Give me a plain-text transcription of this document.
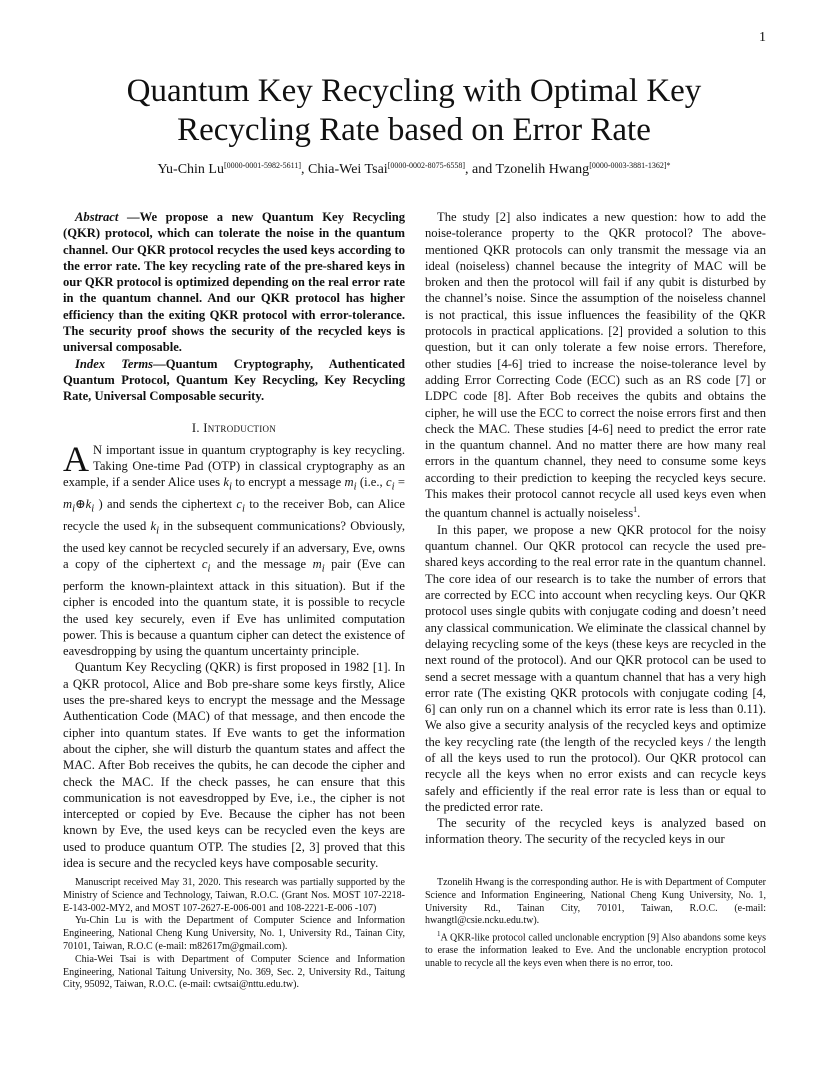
1
Quantum Key Recycling with Optimal Key
Recycling Rate based on Error Rate
Yu-Chin Lu[0000-0001-5982-5611], Chia-Wei Tsai[0000-0002-8075-6558], and Tzonelih Hwang$^{[0000-0003-3881-1362]*}$

Abstract —We propose a new Quantum Key Recycling (QKR) protocol, which can tolerate the noise in the quantum channel. Our QKR protocol recycles the used keys according to the error rate. The key recycling rate of the pre-shared keys in our QKR protocol is optimized depending on the real error rate in the quantum channel. And our QKR protocol has higher efficiency than the exiting QKR protocol with error-tolerance. The security proof shows the security of the recycled keys is universal composable.

Index Terms—Quantum Cryptography, Authenticated Quantum Protocol, Quantum Key Recycling, Key Recycling Rate, Universal Composable security.

I. Introduction

A N important issue in quantum cryptography is key recycling. Taking One-time Pad (OTP) in classical cryptography as an example, if a sender Alice uses $k_i$ to encrypt a message $m_i$ (i.e., $c_i$ = $m_i\oplus k_i$ ) and sends the ciphertext $c_i$ to the receiver Bob, can Alice recycle the used $k_i$ in the subsequent communications? Obviously, the used key cannot be recycled securely if an adversary, Eve, owns a copy of the ciphertext $c_i$ and the message $m_i$ pair (Eve can perform the known-plaintext attack in this situation). But if the cipher is encoded into the quantum state, it is possible to recycle the used key securely, even if Eve has unlimited computation power. This is because a quantum cipher can detect the existence of eavesdropping by using the quantum uncertainty principle.

Quantum Key Recycling (QKR) is first proposed in 1982 [1]. In a QKR protocol, Alice and Bob pre-share some keys firstly, Alice uses the pre-shared keys to encrypt the message and the Message Authentication Code (MAC) of that message, and then encode the cipher into quantum states. If Eve wants to get the information about the cipher, she will disturb the quantum states and affect the MAC. After Bob receives the qubits, he can decode the cipher and check the MAC. If the check passes, he can ensure that this communication is not eavesdropped by Eve, i.e., the cipher is not intercepted or copied by Eve. Because the cipher has not been known by Eve, the used keys can be recycled even the keys are used to produce quantum OTP. The studies [2, 3] proved that this idea is secure and the recycled keys have composable security.

The study [2] also indicates a new question: how to add the noise-tolerance property to the QKR protocol? The above-mentioned QKR protocols can only transmit the message via an ideal (noiseless) channel because the integrity of MAC will be broken and then the protocol will fail if any qubit is disturbed by the channel’s noise. Since the assumption of the noiseless channel is not practical, this issue influences the feasibility of the QKR protocols in practical applications. [2] provided a solution to this question, but it can only tolerate a few noise errors. Therefore, other studies [4-6] tried to increase the noise-tolerance level by adding Error Correcting Code (ECC) such as an RS code [7] or LDPC code [8]. After Bob receives the qubits and obtains the cipher, he will use the ECC to correct the noise errors first and then check the MAC. These studies [4-6] need to predict the error rate in the quantum channel. And no matter there are how many real errors in the quantum channel, they need to consume some keys according to their prediction to keeping the recycled keys secure. This makes their protocol cannot recycle all used keys even when the quantum channel is actually noiseless$^1$.

In this paper, we propose a new QKR protocol for the noisy quantum channel. Our QKR protocol can recycle the used pre-shared keys according to the real error rate in the quantum channel. The core idea of our research is to take the number of errors that are corrected by ECC into account when recycling keys. Our QKR protocol uses single qubits with conjugate coding and doesn’t need any classical communication. We eliminate the classical channel by delaying recycling some of the keys (these keys are recycled in the next round of the protocol). And our QKR protocol can be used to send a secret message with a quantum channel that has a very high error rate (The existing QKR protocols with conjugate coding [4, 6] can only run on a channel which its error rate is less than 0.11). We also give a security analysis of the recycled keys and optimize the key recycling rate (the length of the recycled keys / the length of all the keys used to run the protocol). Our QKR protocol can recycle all the keys when no error exists and can recycle keys safely and efficiently if the real error rate is less than or equal to the predicted error rate.

The security of the recycled keys is analyzed based on information theory. The security of the recycled keys in our

Manuscript received May 31, 2020. This research was partially supported by the Ministry of Science and Technology, Taiwan, R.O.C. (Grant Nos. MOST 107-2218-E-143-002-MY2, and MOST 107-2627-E-006-001 and 108-2221-E-006 -107)

Yu-Chin Lu is with the Department of Computer Science and Information Engineering, National Cheng Kung University, No. 1, University Rd., Tainan City, 70101, Taiwan, R.O.C (e-mail: m82617m@gmail.com).

Chia-Wei Tsai is with Department of Computer Science and Information Engineering, National Taitung University, No. 369, Sec. 2, University Rd., Taitung City, 95092, Taiwan, R.O.C. (e-mail: cwtsai@nttu.edu.tw).

Tzonelih Hwang is the corresponding author. He is with Department of Computer Science and Information Engineering, National Cheng Kung University, No. 1, University Rd., Tainan City, 70101, Taiwan, R.O.C. (e-mail: hwangtl@csie.ncku.edu.tw).

$^1$A QKR-like protocol called unclonable encryption [9] Also abandons some keys to erase the information leaked to Eve. And the unclonable encryption protocol unable to recycle all the keys even when there is no error, too.
